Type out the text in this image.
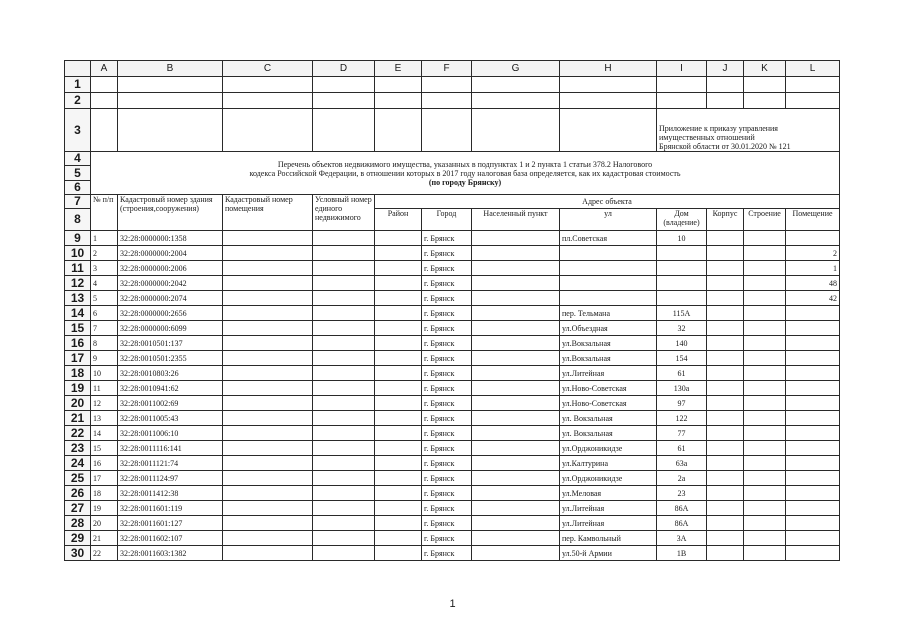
	A	B	C	D	E	F	G	H	I	J	K	L
1												
2												
3									Приложение к приказу управления
имущественных отношений
Брянской области от 30.01.2020 № 121			
4	Перечень объектов недвижимого имущества, указанных в подпунктах 1 и 2 пункта 1 статьи 378.2 Налогового
кодекса Российской Федерации, в отношении которых в 2017 году налоговая база определяется, как их кадастровая стоимость
(по городу Брянску)											
5												
6												
7	№ п/п	Кадастровый номер здания (строения,сооружения)	Кадастровый номер помещения	Условный номер единого недвижимого	Адрес объекта							
8					Район	Город	Населенный пункт	ул	Дом (владение)	Корпус	Строение	Помещение
9	1	32:28:0000000:1358				г. Брянск		пл.Советская	10			
10	2	32:28:0000000:2004				г. Брянск						2
11	3	32:28:0000000:2006				г. Брянск						1
12	4	32:28:0000000:2042				г. Брянск						48
13	5	32:28:0000000:2074				г. Брянск						42
14	6	32:28:0000000:2656				г. Брянск		пер. Тельмана	115А			
15	7	32:28:0000000:6099				г. Брянск		ул.Объездная	32			
16	8	32:28:0010501:137				г. Брянск		ул.Вокзальная	140			
17	9	32:28:0010501:2355				г. Брянск		ул.Вокзальная	154			
18	10	32:28:0010803:26				г. Брянск		ул.Литейная	61			
19	11	32:28:0010941:62				г. Брянск		ул.Ново-Советская	130а			
20	12	32:28:0011002:69				г. Брянск		ул.Ново-Советская	97			
21	13	32:28:0011005:43				г. Брянск		ул. Вокзальная	122			
22	14	32:28:0011006:10				г. Брянск		ул. Вокзальная	77			
23	15	32:28:0011116:141				г. Брянск		ул.Орджоникидзе	61			
24	16	32:28:0011121:74				г. Брянск		ул.Калтурина	63а			
25	17	32:28:0011124:97				г. Брянск		ул.Орджоникидзе	2а			
26	18	32:28:0011412:38				г. Брянск		ул.Меловая	23			
27	19	32:28:0011601:119				г. Брянск		ул.Литейная	86А			
28	20	32:28:0011601:127				г. Брянск		ул.Литейная	86А			
29	21	32:28:0011602:107				г. Брянск		пер. Камвольный	3А			
30	22	32:28:0011603:1382				г. Брянск		ул.50-й Армии	1В			
1
